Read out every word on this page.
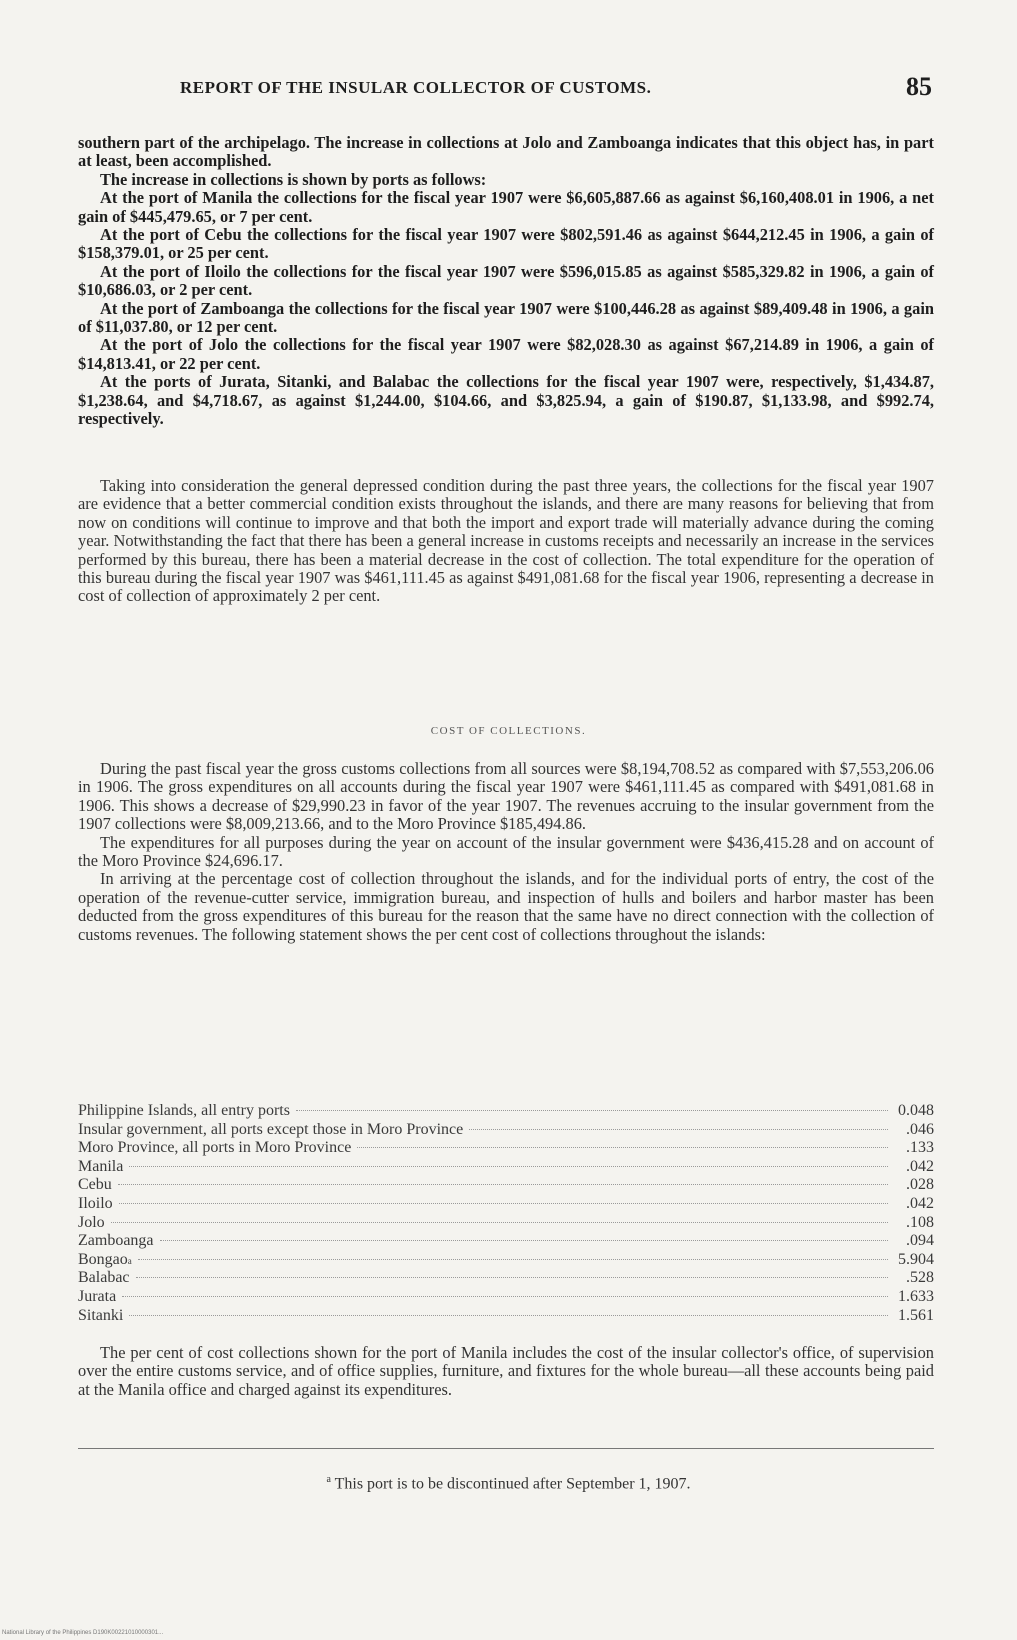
REPORT OF THE INSULAR COLLECTOR OF CUSTOMS.	85

southern part of the archipelago. The increase in collections at Jolo and Zamboanga indicates that this object has, in part at least, been accomplished.

The increase in collections is shown by ports as follows:

At the port of Manila the collections for the fiscal year 1907 were $6,605,887.66 as against $6,160,408.01 in 1906, a net gain of $445,479.65, or 7 per cent.

At the port of Cebu the collections for the fiscal year 1907 were $802,591.46 as against $644,212.45 in 1906, a gain of $158,379.01, or 25 per cent.

At the port of Iloilo the collections for the fiscal year 1907 were $596,015.85 as against $585,329.82 in 1906, a gain of $10,686.03, or 2 per cent.

At the port of Zamboanga the collections for the fiscal year 1907 were $100,446.28 as against $89,409.48 in 1906, a gain of $11,037.80, or 12 per cent.

At the port of Jolo the collections for the fiscal year 1907 were $82,028.30 as against $67,214.89 in 1906, a gain of $14,813.41, or 22 per cent.

At the ports of Jurata, Sitanki, and Balabac the collections for the fiscal year 1907 were, respectively, $1,434.87, $1,238.64, and $4,718.67, as against $1,244.00, $104.66, and $3,825.94, a gain of $190.87, $1,133.98, and $992.74, respectively.

Taking into consideration the general depressed condition during the past three years, the collections for the fiscal year 1907 are evidence that a better commercial condition exists throughout the islands, and there are many reasons for believing that from now on conditions will continue to improve and that both the import and export trade will materially advance during the coming year. Notwithstanding the fact that there has been a general increase in customs receipts and necessarily an increase in the services performed by this bureau, there has been a material decrease in the cost of collection. The total expenditure for the operation of this bureau during the fiscal year 1907 was $461,111.45 as against $491,081.68 for the fiscal year 1906, representing a decrease in cost of collection of approximately 2 per cent.

COST OF COLLECTIONS.

During the past fiscal year the gross customs collections from all sources were $8,194,708.52 as compared with $7,553,206.06 in 1906. The gross expenditures on all accounts during the fiscal year 1907 were $461,111.45 as compared with $491,081.68 in 1906. This shows a decrease of $29,990.23 in favor of the year 1907. The revenues accruing to the insular government from the 1907 collections were $8,009,213.66, and to the Moro Province $185,494.86.

The expenditures for all purposes during the year on account of the insular government were $436,415.28 and on account of the Moro Province $24,696.17.

In arriving at the percentage cost of collection throughout the islands, and for the individual ports of entry, the cost of the operation of the revenue-cutter service, immigration bureau, and inspection of hulls and boilers and harbor master has been deducted from the gross expenditures of this bureau for the reason that the same have no direct connection with the collection of customs revenues. The following statement shows the per cent cost of collections throughout the islands:

Philippine Islands, all entry ports	0.048
Insular government, all ports except those in Moro Province	.046
Moro Province, all ports in Moro Province	.133
Manila	.042
Cebu	.028
Iloilo	.042
Jolo	.108
Zamboanga	.094
Bongao a	5.904
Balabac	.528
Jurata	1.633
Sitanki	1.561

The per cent of cost collections shown for the port of Manila includes the cost of the insular collector's office, of supervision over the entire customs service, and of office supplies, furniture, and fixtures for the whole bureau—all these accounts being paid at the Manila office and charged against its expenditures.

$^a$ This port is to be discontinued after September 1, 1907.
National Library of the Philippines D190K00221010000301...
